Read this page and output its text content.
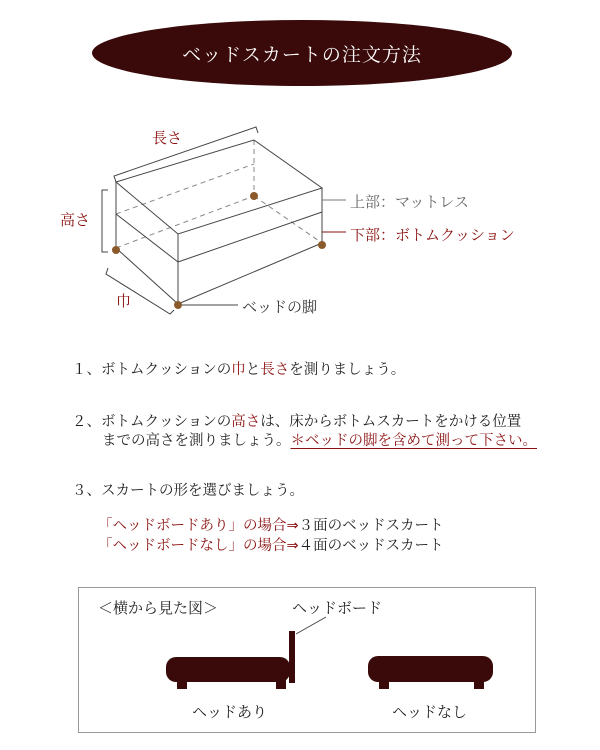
ベッドスカートの注文方法
長さ
高さ
巾
上部：マットレス
下部：ボトムクッション
ベッドの脚
１、ボトムクッションの巾と長さを測りましょう。
２、ボトムクッションの高さは、床からボトムスカートをかける位置
までの高さを測りましょう。＊ベッドの脚を含めて測って下さい。
３、スカートの形を選びましょう。
「ヘッドボードあり」の場合⇒３面のベッドスカート
「ヘッドボードなし」の場合⇒４面のベッドスカート
＜横から見た図＞	ヘッドボード
ヘッドあり	ヘッドなし
